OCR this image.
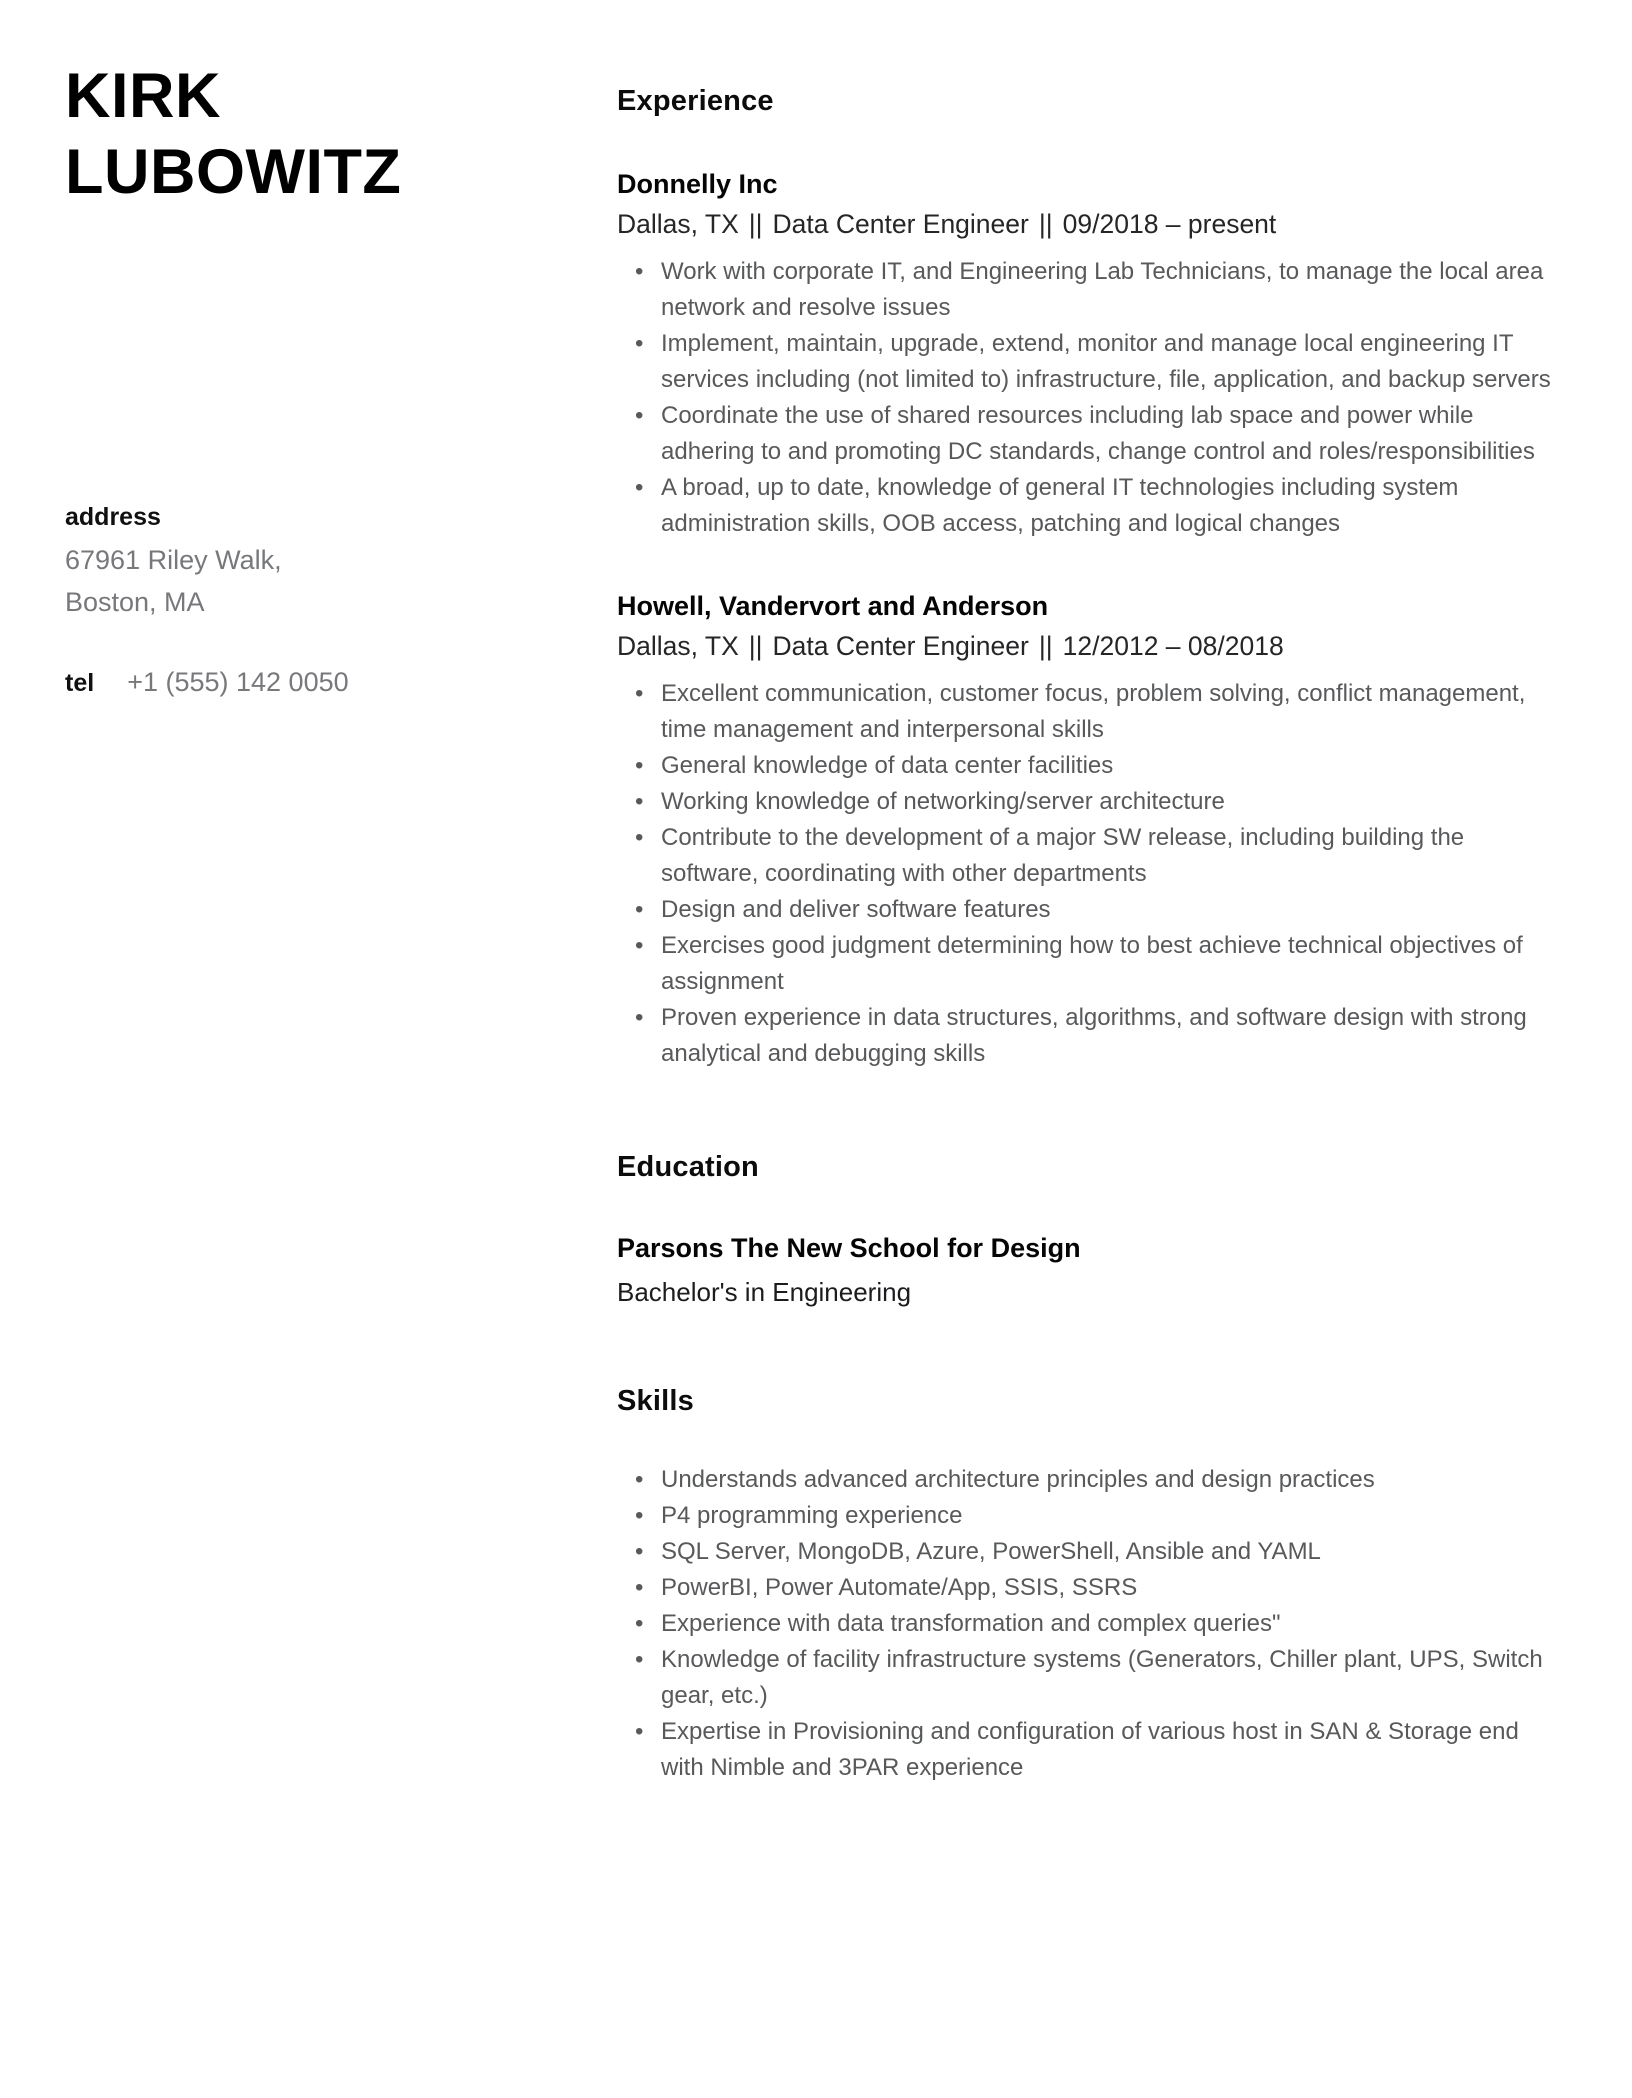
KIRK
LUBOWITZ
address
67961 Riley Walk,
Boston, MA
tel +1 (555) 142 0050
Experience
Donnelly Inc
Dallas, TX || Data Center Engineer || 09/2018 – present
• Work with corporate IT, and Engineering Lab Technicians, to manage the local area network and resolve issues
• Implement, maintain, upgrade, extend, monitor and manage local engineering IT services including (not limited to) infrastructure, file, application, and backup servers
• Coordinate the use of shared resources including lab space and power while adhering to and promoting DC standards, change control and roles/responsibilities
• A broad, up to date, knowledge of general IT technologies including system administration skills, OOB access, patching and logical changes
Howell, Vandervort and Anderson
Dallas, TX || Data Center Engineer || 12/2012 – 08/2018
• Excellent communication, customer focus, problem solving, conflict management, time management and interpersonal skills
• General knowledge of data center facilities
• Working knowledge of networking/server architecture
• Contribute to the development of a major SW release, including building the software, coordinating with other departments
• Design and deliver software features
• Exercises good judgment determining how to best achieve technical objectives of assignment
• Proven experience in data structures, algorithms, and software design with strong analytical and debugging skills
Education
Parsons The New School for Design
Bachelor's in Engineering
Skills
• Understands advanced architecture principles and design practices
• P4 programming experience
• SQL Server, MongoDB, Azure, PowerShell, Ansible and YAML
• PowerBI, Power Automate/App, SSIS, SSRS
• Experience with data transformation and complex queries"
• Knowledge of facility infrastructure systems (Generators, Chiller plant, UPS, Switch gear, etc.)
• Expertise in Provisioning and configuration of various host in SAN & Storage end with Nimble and 3PAR experience
